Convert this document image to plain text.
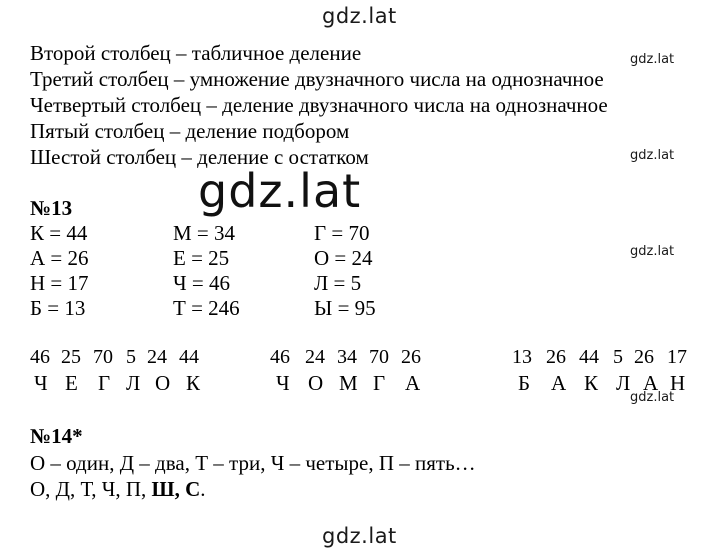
gdz.lat
gdz.lat
gdz.lat
gdz.lat
gdz.lat
Второй столбец – табличное деление
Третий столбец – умножение двузначного числа на однозначное
Четвертый столбец – деление двузначного числа на однозначное
Пятый столбец – деление подбором
Шестой столбец – деление с остатком
gdz.lat
№13
К = 44
А = 26
Н = 17
Б = 13
М = 34
Е = 25
Ч = 46
Т = 246
Г = 70
О = 24
Л = 5
Ы = 95
46 25 70 5 24 44
Ч Е Г Л О К
46 24 34 70 26
Ч О М Г А
13 26 44 5 26 17
Б А К Л А Н
№14*
О – один, Д – два, Т – три, Ч – четыре, П – пять…
О, Д, Т, Ч, П, Ш, С.
gdz.lat
